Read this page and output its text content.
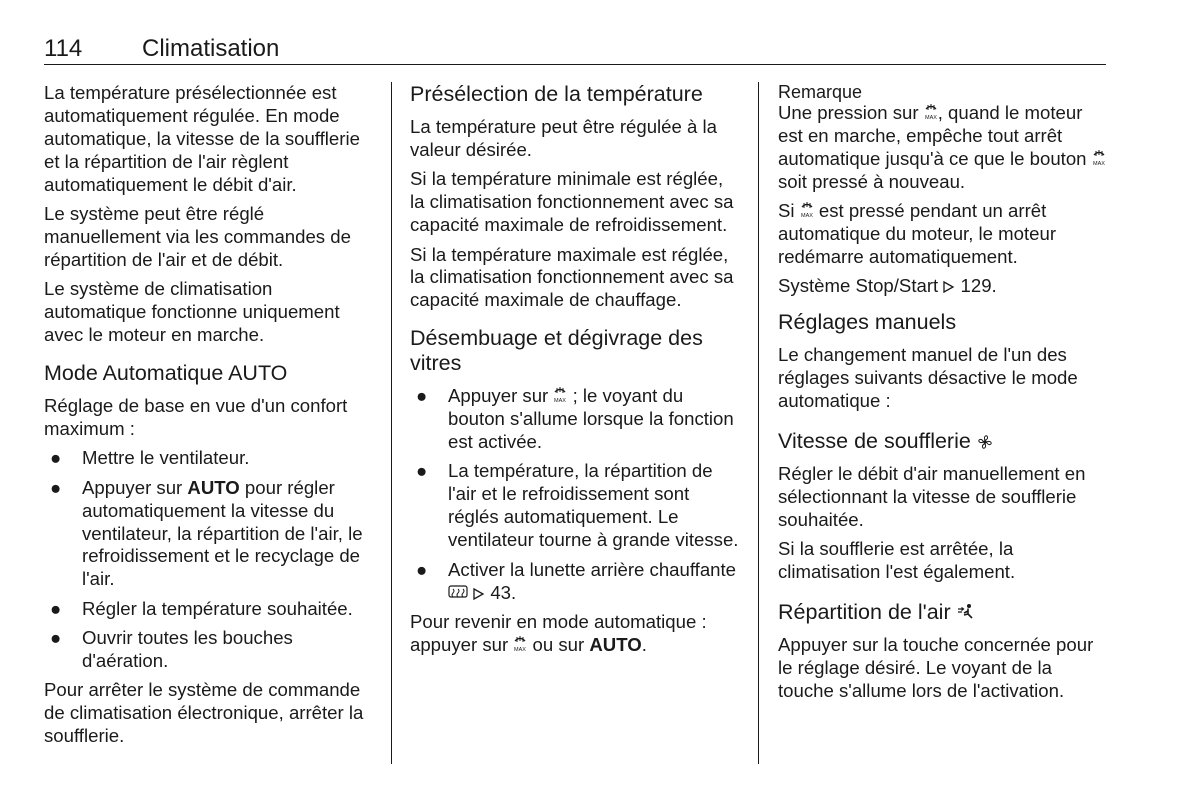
114 Climatisation

La température présélectionnée est automatiquement régulée. En mode automatique, la vitesse de la soufflerie et la répartition de l'air règlent automatiquement le débit d'air.

Le système peut être réglé manuellement via les commandes de répartition de l'air et de débit.

Le système de climatisation automatique fonctionne uniquement avec le moteur en marche.

Mode Automatique AUTO

Réglage de base en vue d'un confort maximum :

● Mettre le ventilateur.
● Appuyer sur AUTO pour régler automatiquement la vitesse du ventilateur, la répartition de l'air, le refroidissement et le recyclage de l'air.
● Régler la température souhaitée.
● Ouvrir toutes les bouches d'aération.

Pour arrêter le système de commande de climatisation électronique, arrêter la soufflerie.

Présélection de la température

La température peut être régulée à la valeur désirée.

Si la température minimale est réglée, la climatisation fonctionnement avec sa capacité maximale de refroidissement.

Si la température maximale est réglée, la climatisation fonctionnement avec sa capacité maximale de chauffage.

Désembuage et dégivrage des vitres
● Appuyer sur MAX ; le voyant du bouton s'allume lorsque la fonction est activée.
● La température, la répartition de l'air et le refroidissement sont réglés automatiquement. Le ventilateur tourne à grande vitesse.
● Activer la lunette arrière chauffante   43.

Pour revenir en mode automatique : appuyer sur MAX ou sur AUTO.

Remarque

Une pression sur MAX , quand le moteur est en marche, empêche tout arrêt automatique jusqu'à ce que le bouton MAX
soit pressé à nouveau.

Si MAX est pressé pendant un arrêt automatique du moteur, le moteur redémarre automatiquement.

Système Stop/Start  129.

Réglages manuels

Le changement manuel de l'un des réglages suivants désactive le mode automatique :

Vitesse de soufflerie

Régler le débit d'air manuellement en sélectionnant la vitesse de soufflerie souhaitée.

Si la soufflerie est arrêtée, la climatisation l'est également.

Répartition de l'air

Appuyer sur la touche concernée pour le réglage désiré. Le voyant de la touche s'allume lors de l'activation.
